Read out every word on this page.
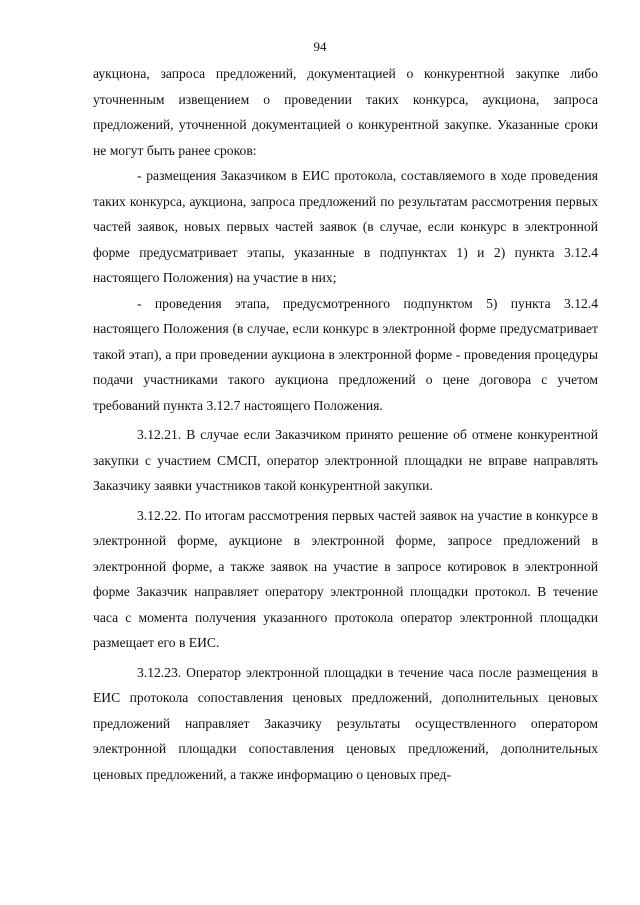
94

аукциона, запроса предложений, документацией о конкурентной закупке либо уточненным извещением о проведении таких конкурса, аукциона, запроса предложений, уточненной документацией о конкурентной закупке. Указанные сроки не могут быть ранее сроков:

- размещения Заказчиком в ЕИС протокола, составляемого в ходе проведения таких конкурса, аукциона, запроса предложений по результатам рассмотрения первых частей заявок, новых первых частей заявок (в случае, если конкурс в электронной форме предусматривает этапы, указанные в подпунктах 1) и 2) пункта 3.12.4 настоящего Положения) на участие в них;

- проведения этапа, предусмотренного подпунктом 5) пункта 3.12.4 настоящего Положения (в случае, если конкурс в электронной форме предусматривает такой этап), а при проведении аукциона в электронной форме - проведения процедуры подачи участниками такого аукциона предложений о цене договора с учетом требований пункта 3.12.7 настоящего Положения.

3.12.21. В случае если Заказчиком принято решение об отмене конкурентной закупки с участием СМСП, оператор электронной площадки не вправе направлять Заказчику заявки участников такой конкурентной закупки.

3.12.22. По итогам рассмотрения первых частей заявок на участие в конкурсе в электронной форме, аукционе в электронной форме, запросе предложений в электронной форме, а также заявок на участие в запросе котировок в электронной форме Заказчик направляет оператору электронной площадки протокол. В течение часа с момента получения указанного протокола оператор электронной площадки размещает его в ЕИС.

3.12.23. Оператор электронной площадки в течение часа после размещения в ЕИС протокола сопоставления ценовых предложений, дополнительных ценовых предложений направляет Заказчику результаты осуществленного оператором электронной площадки сопоставления ценовых предложений, дополнительных ценовых предложений, а также информацию о ценовых пред-
